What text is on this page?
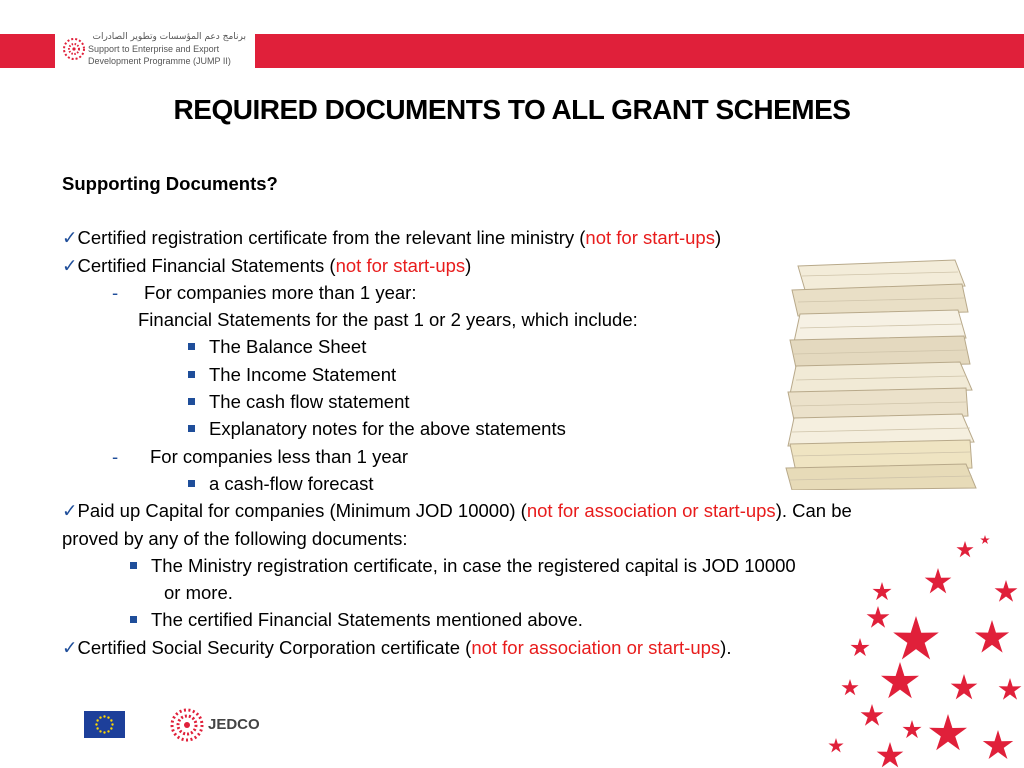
برنامج دعم المؤسسات وتطوير الصادرات
Support to Enterprise and Export
Development Programme (JUMP II)
REQUIRED DOCUMENTS TO ALL GRANT SCHEMES
Supporting Documents?
✓Certified registration certificate from the relevant line ministry (not for start-ups)
✓Certified Financial Statements (not for start-ups)
- For companies more than 1 year:
Financial Statements for the past 1 or 2 years, which include:
The Balance Sheet
The Income Statement
The cash flow statement
Explanatory notes for the above statements
- For companies less than 1 year
a cash-flow forecast
✓Paid up Capital for companies (Minimum JOD 10000) (not for association or start-ups). Can be
proved by any of the following documents:
The Ministry registration certificate, in case the registered capital is JOD 10000
or more.
The certified Financial Statements mentioned above.
✓Certified Social Security Corporation certificate (not for association or start-ups).
JEDCO
